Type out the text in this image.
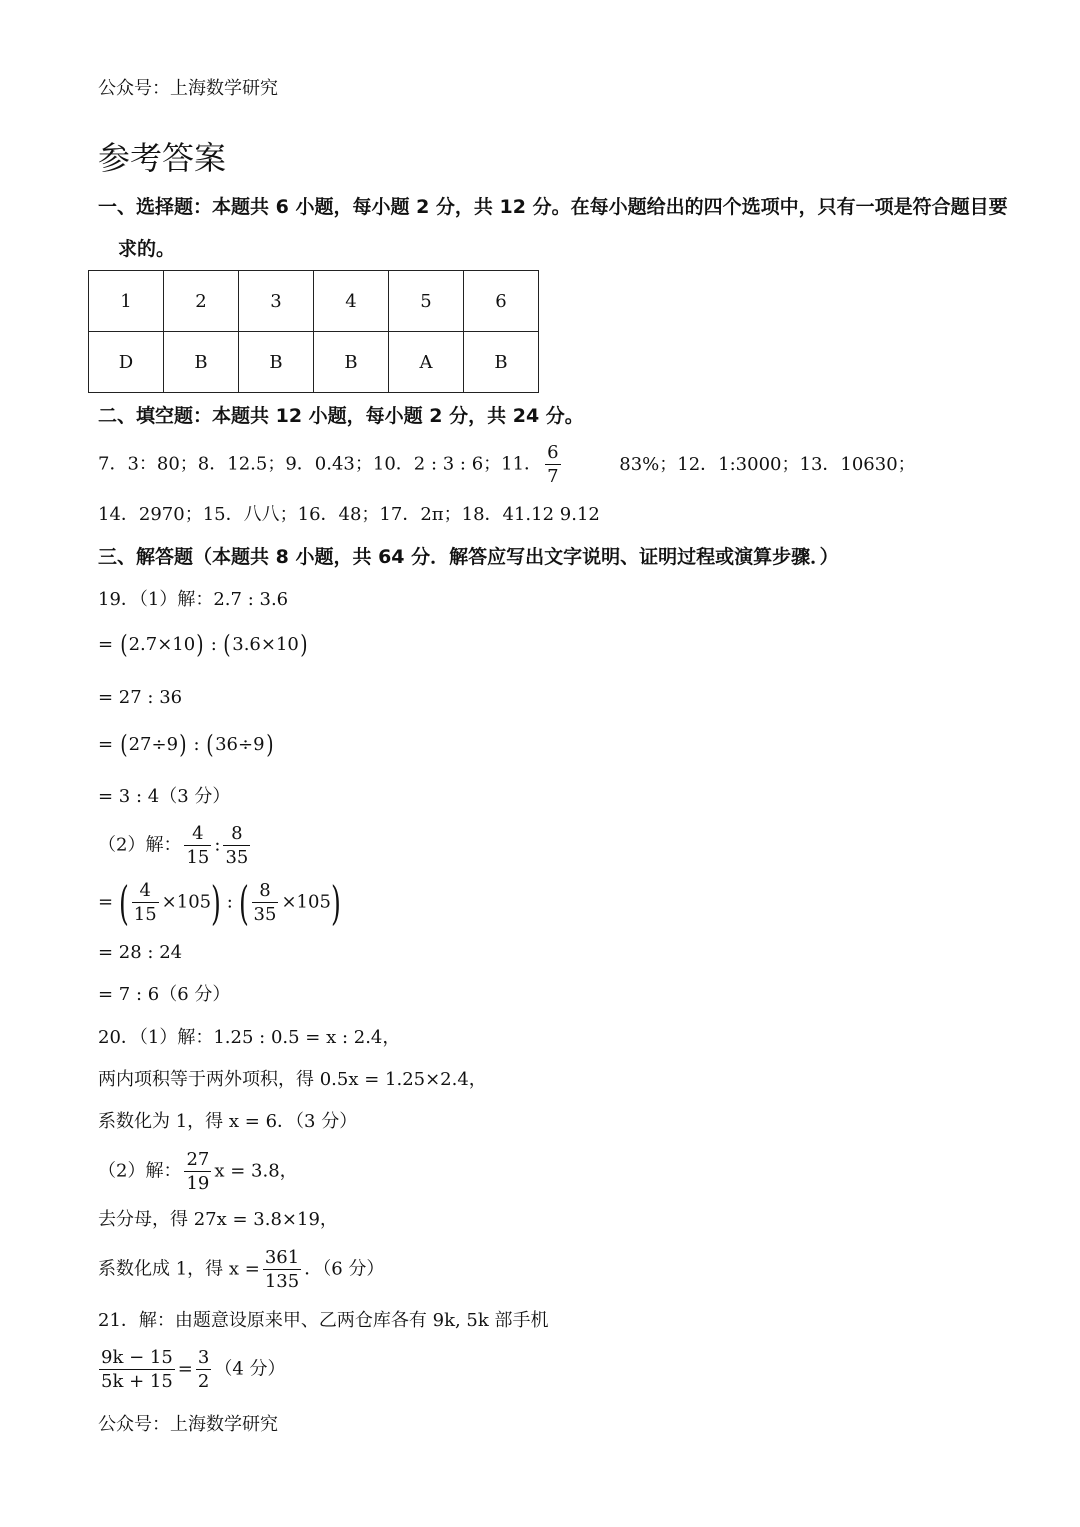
公众号：上海数学研究
参考答案
一、选择题：本题共 6 小题，每小题 2 分，共 12 分。在每小题给出的四个选项中，只有一项是符合题目要
求的。
1	2	3	4	5	6
D	B	B	B	A	B
二、填空题：本题共 12 小题，每小题 2 分，共 24 分。
7．3：80；8．12.5；9．0.43；10．2 : 3 : 6；11． $\frac{6}{7}$	83%；12．1:3000；13．10630；
14．2970；15．八八；16．48；17．2π；18．41.12 9.12
三、解答题（本题共 8 小题，共 64 分．解答应写出文字说明、证明过程或演算步骤．）
19．（1）解：2.7 : 3.6
= (2.7×10) : (3.6×10)
= 27 : 36
= (27÷9) : (36÷9)
= 3 : 4（3 分）
（2）解： $\frac{4}{15}$ : $\frac{8}{35}$
= ( $\frac{4}{15} \times 105$) : ( $\frac{8}{35} \times 105$)
= 28 : 24
= 7 : 6（6 分）
20．（1）解：1.25 : 0.5 = x : 2.4，
两内项积等于两外项积，得 0.5x = 1.25×2.4，
系数化为 1，得 x = 6．（3 分）
（2）解： $\frac{27}{19}$ x = 3.8，
去分母，得 27x = 3.8×19，
系数化成 1，得 $x = \frac{361}{135}$ ．（6 分）
21．解：由题意设原来甲、乙两仓库各有 9k, 5k 部手机
$\frac{9k - 15}{5k + 15} = \frac{3}{2} (4$ 分）
公众号：上海数学研究
